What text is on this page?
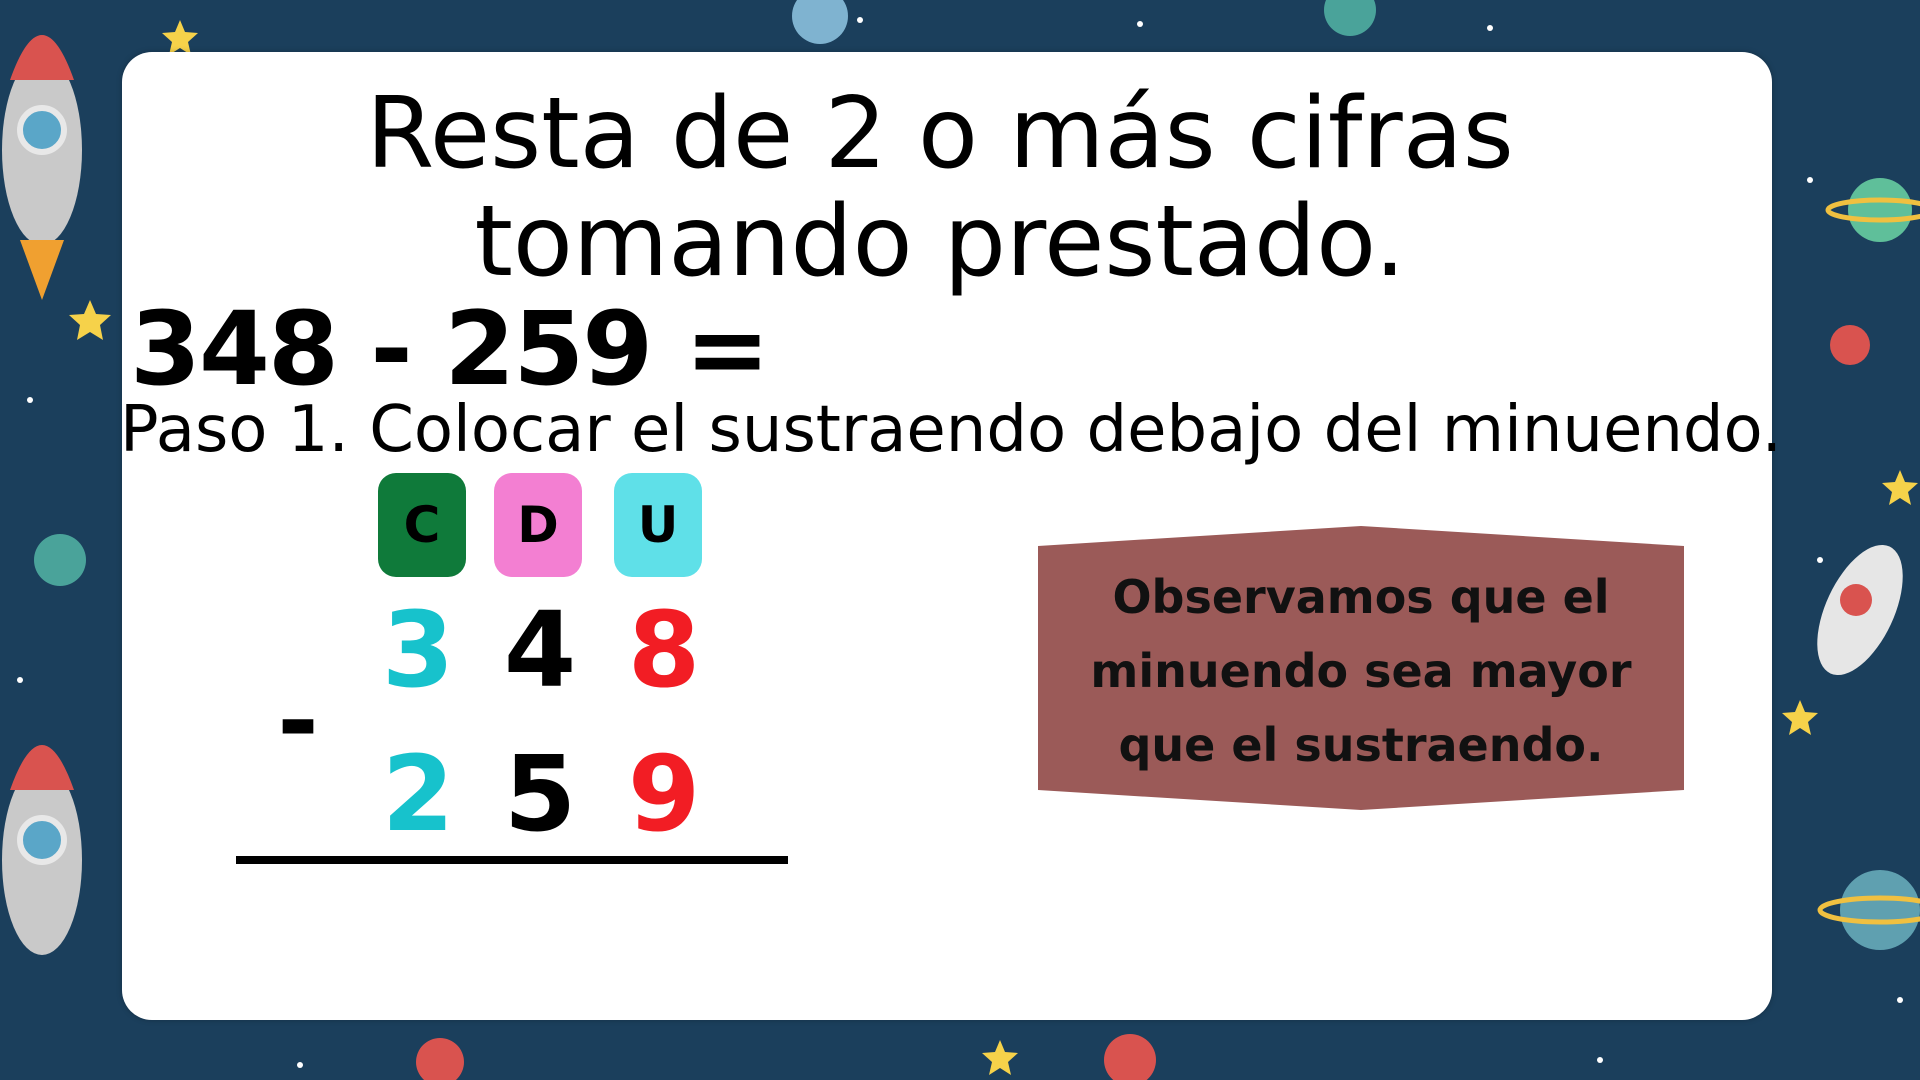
Resta de 2 o más cifras
tomando prestado.
348 - 259 =
Paso 1. Colocar el sustraendo debajo del minuendo.
C D U
3 4 8
-
2 5 9
Observamos que el
minuendo sea mayor
que el sustraendo.
